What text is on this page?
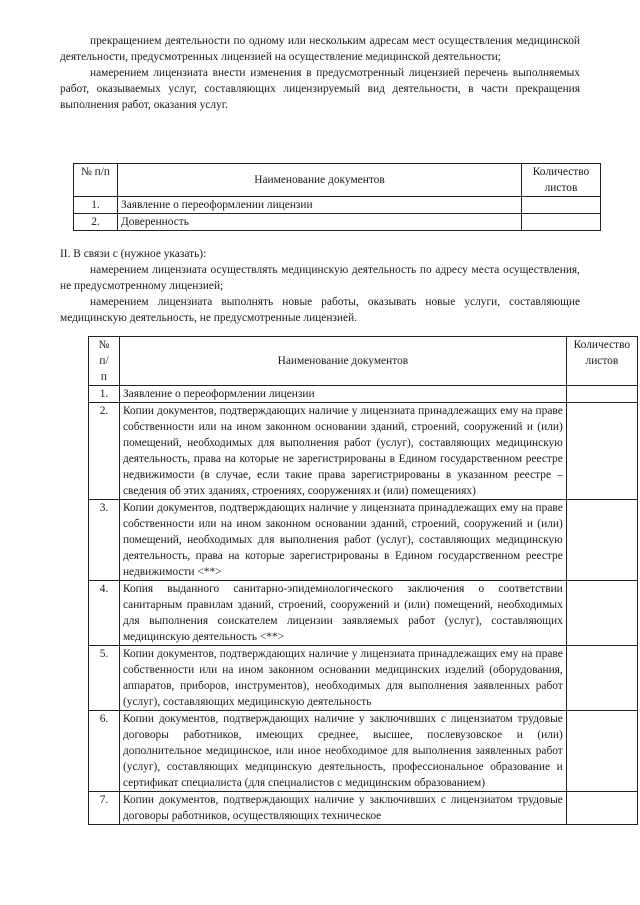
прекращением деятельности по одному или нескольким адресам мест осуществления медицинской деятельности, предусмотренных лицензией на осуществление медицинской деятельности;

намерением лицензиата внести изменения в предусмотренный лицензией перечень выполняемых работ, оказываемых услуг, составляющих лицензируемый вид деятельности, в части прекращения выполнения работ, оказания услуг.

№ п/п	Наименование документов	Количество листов
1.	Заявление о переоформлении лицензии	
2.	Доверенность	

II. В связи с (нужное указать):

намерением лицензиата осуществлять медицинскую деятельность по адресу места осуществления, не предусмотренному лицензией;

намерением лицензиата выполнять новые работы, оказывать новые услуги, составляющие медицинскую деятельность, не предусмотренные лицензией.

№
п/
п	Наименование документов	Количество листов
1.	Заявление о переоформлении лицензии	
2.	Копии документов, подтверждающих наличие у лицензиата принадлежащих ему на праве собственности или на ином законном основании зданий, строений, сооружений и (или) помещений, необходимых для выполнения работ (услуг), составляющих медицинскую деятельность, права на которые не зарегистрированы в Едином государственном реестре недвижимости (в случае, если такие права зарегистрированы в указанном реестре – сведения об этих зданиях, строениях, сооружениях и (или) помещениях)	
3.	Копии документов, подтверждающих наличие у лицензиата принадлежащих ему на праве собственности или на ином законном основании зданий, строений, сооружений и (или) помещений, необходимых для выполнения работ (услуг), составляющих медицинскую деятельность, права на которые зарегистрированы в Едином государственном реестре недвижимости <**>	
4.	Копия выданного санитарно-эпидемиологического заключения о соответствии санитарным правилам зданий, строений, сооружений и (или) помещений, необходимых для выполнения соискателем лицензии заявляемых работ (услуг), составляющих медицинскую деятельность <**>	
5.	Копии документов, подтверждающих наличие у лицензиата принадлежащих ему на праве собственности или на ином законном основании медицинских изделий (оборудования, аппаратов, приборов, инструментов), необходимых для выполнения заявленных работ (услуг), составляющих медицинскую деятельность	
6.	Копии документов, подтверждающих наличие у заключивших с лицензиатом трудовые договоры работников, имеющих среднее, высшее, послевузовское и (или) дополнительное медицинское, или иное необходимое для выполнения заявленных работ (услуг), составляющих медицинскую деятельность, профессиональное образование и сертификат специалиста (для специалистов с медицинским образованием)	
7.	Копии документов, подтверждающих наличие у заключивших с лицензиатом трудовые договоры работников, осуществляющих техническое	
